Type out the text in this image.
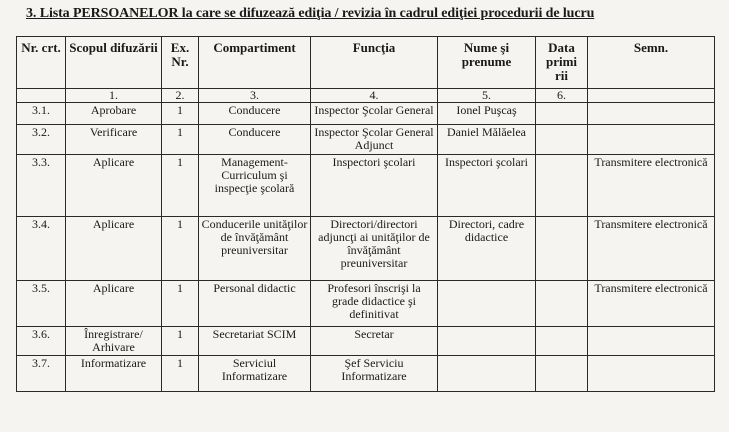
3. Lista PERSOANELOR la care se difuzează ediţia / revizia în cadrul ediţiei procedurii de lucru
Nr. crt.	Scopul difuzării	Ex. Nr.	Compartiment	Funcţia	Nume şi prenume	Data primi rii	Semn.
	1.	2.	3.	4.	5.	6.	
3.1.	Aprobare	1	Conducere	Inspector Şcolar General	Ionel Puşcaş		
3.2.	Verificare	1	Conducere	Inspector Şcolar General Adjunct	Daniel Mălăelea		
3.3.	Aplicare	1	Management-Curriculum şi inspecţie şcolară	Inspectori şcolari	Inspectori şcolari		Transmitere electronică
3.4.	Aplicare	1	Conducerile unităţilor de învăţământ preuniversitar	Directori/directori adjuncţi ai unităţilor de învăţământ preuniversitar	Directori, cadre didactice		Transmitere electronică
3.5.	Aplicare	1	Personal didactic	Profesori înscrişi la grade didactice şi definitivat			Transmitere electronică
3.6.	Înregistrare/ Arhivare	1	Secretariat SCIM	Secretar			
3.7.	Informatizare	1	Serviciul Informatizare	Şef Serviciu Informatizare			
